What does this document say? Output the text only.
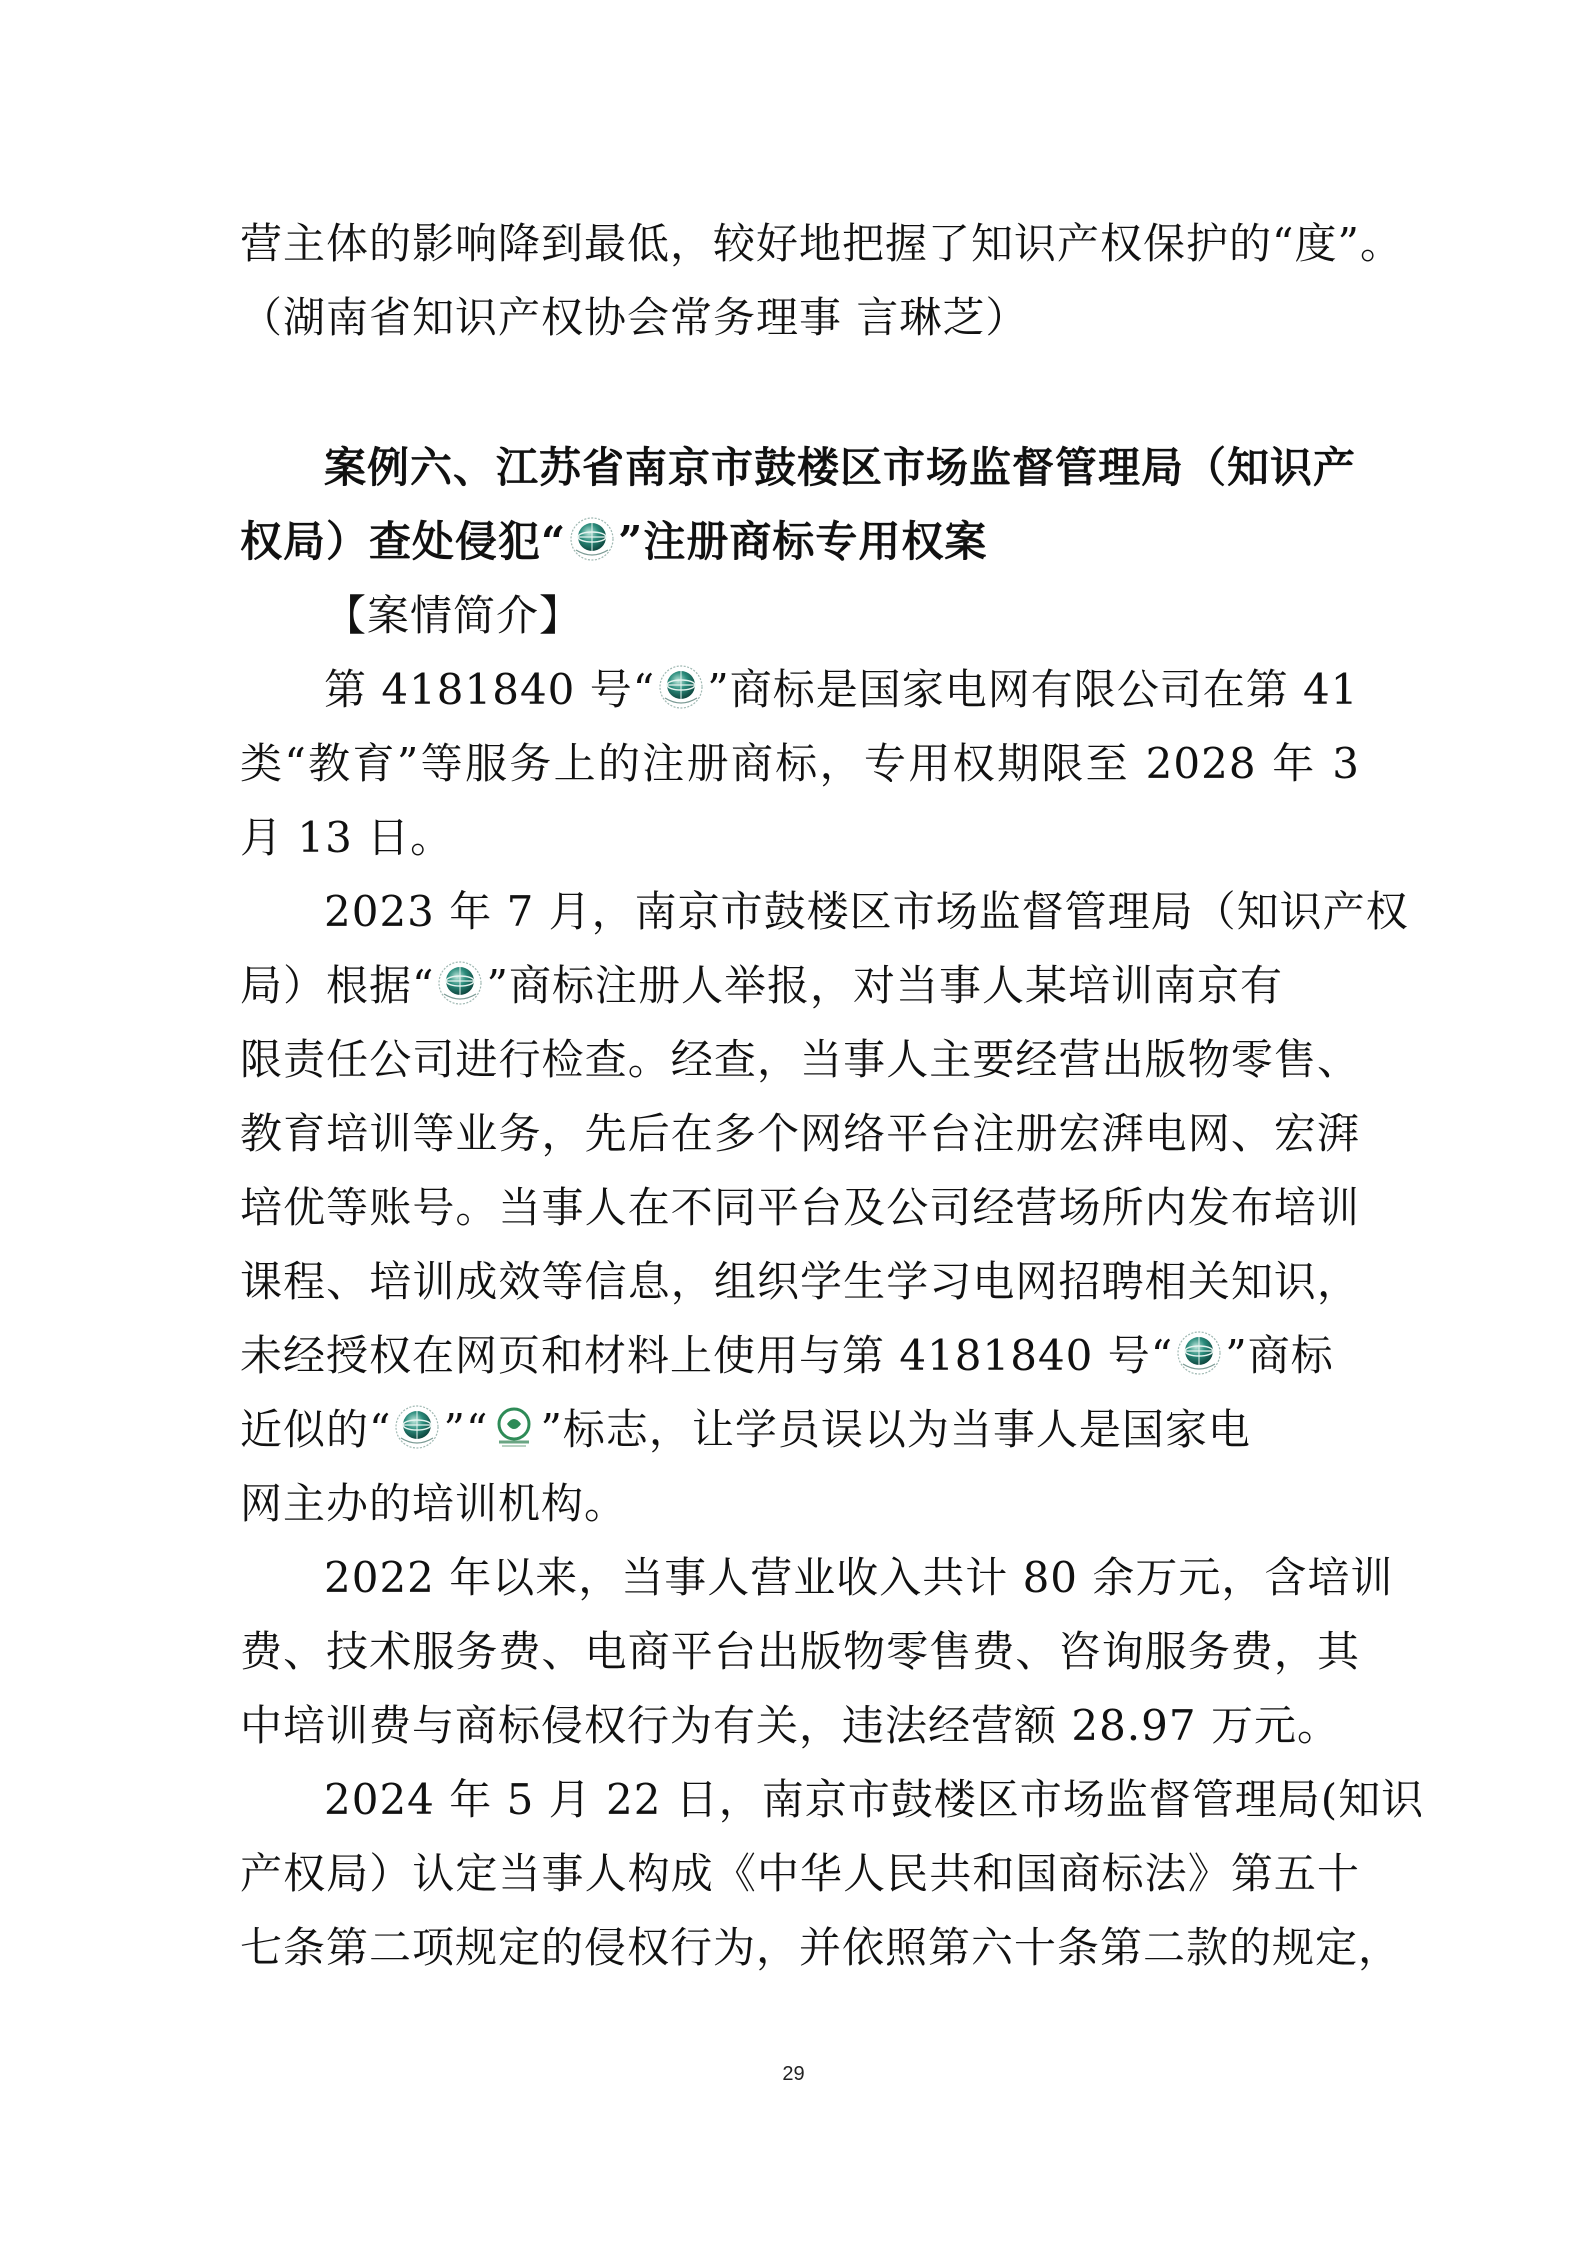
营主体的影响降到最低，较好地把握了知识产权保护的“度”。
（湖南省知识产权协会常务理事 言琳芝）
案例六、江苏省南京市鼓楼区市场监督管理局（知识产
权局）查处侵犯“ ”注册商标专用权案
【案情简介】
第 4181840 号“ ”商标是国家电网有限公司在第 41
类“教育”等服务上的注册商标，专用权期限至 2028 年 3
月 13 日。
2023 年 7 月，南京市鼓楼区市场监督管理局（知识产权
局）根据“ ”商标注册人举报，对当事人某培训南京有
限责任公司进行检查。经查，当事人主要经营出版物零售、
教育培训等业务，先后在多个网络平台注册宏湃电网、宏湃
培优等账号。当事人在不同平台及公司经营场所内发布培训
课程、培训成效等信息，组织学生学习电网招聘相关知识，
未经授权在网页和材料上使用与第 4181840 号“ ”商标
近似的“ ”“ ”标志，让学员误以为当事人是国家电
网主办的培训机构。
2022 年以来，当事人营业收入共计 80 余万元，含培训
费、技术服务费、电商平台出版物零售费、咨询服务费，其
中培训费与商标侵权行为有关，违法经营额 28.97 万元。
2024 年 5 月 22 日，南京市鼓楼区市场监督管理局(知识
产权局）认定当事人构成《中华人民共和国商标法》第五十
七条第二项规定的侵权行为，并依照第六十条第二款的规定，
29
